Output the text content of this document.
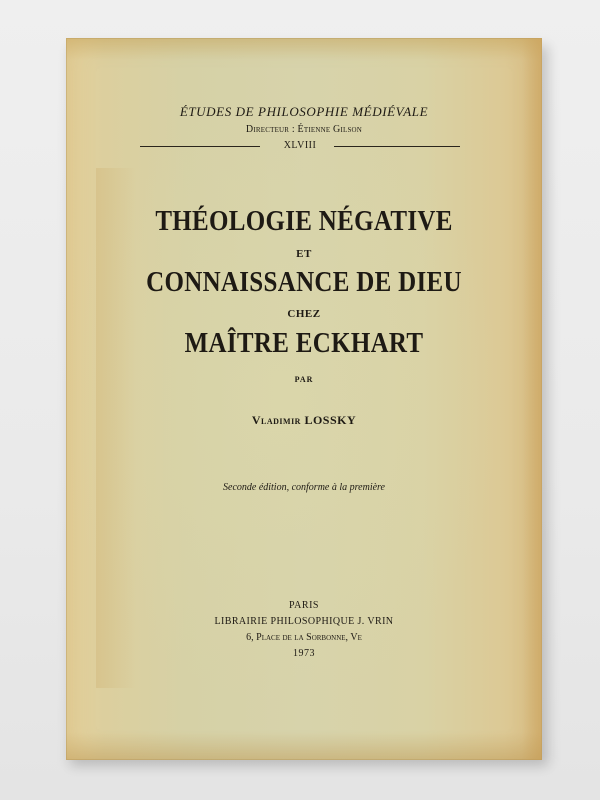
ÉTUDES DE PHILOSOPHIE MÉDIÉVALE
Directeur : Étienne Gilson
XLVIII
THÉOLOGIE NÉGATIVE
ET
CONNAISSANCE DE DIEU
CHEZ
MAÎTRE ECKHART
PAR
Vladimir LOSSKY
Seconde édition, conforme à la première
PARIS
LIBRAIRIE PHILOSOPHIQUE J. VRIN
6, Place de la Sorbonne, Ve
1973
